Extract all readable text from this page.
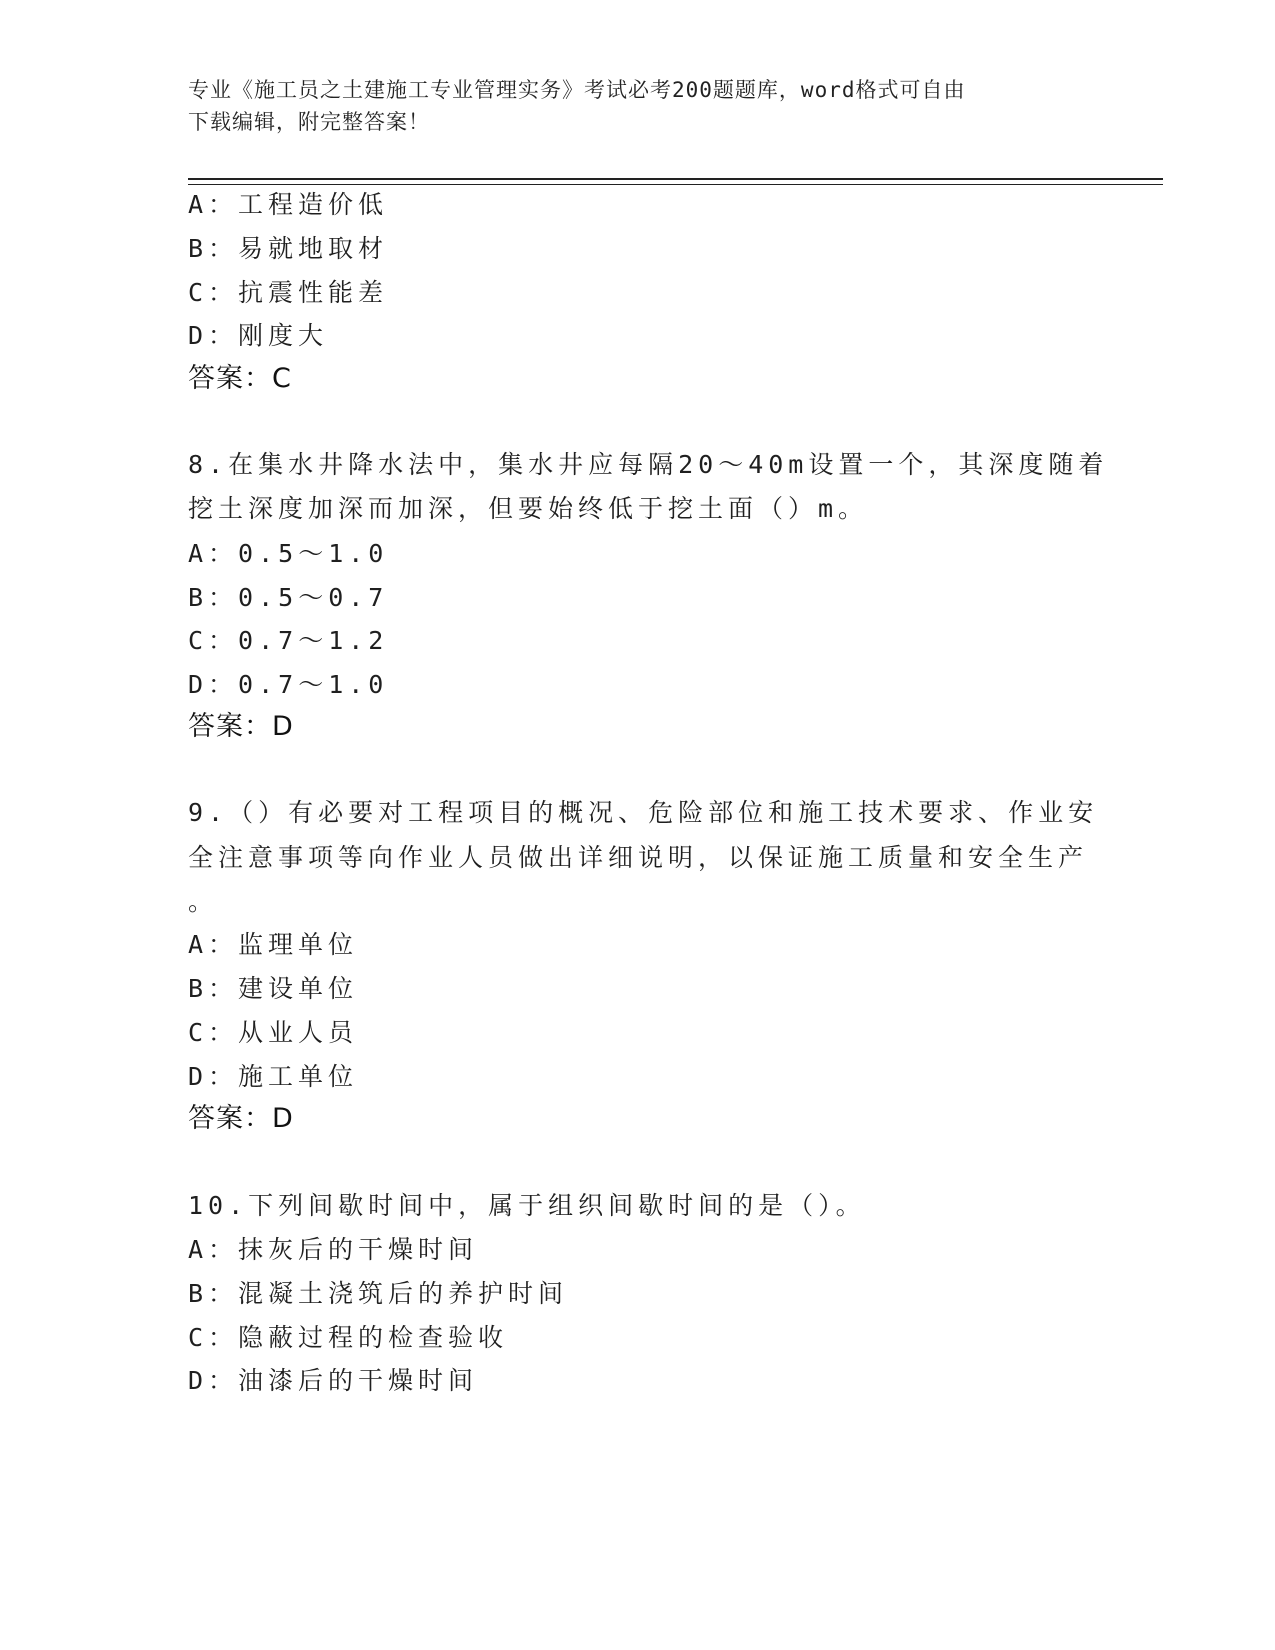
专业《施工员之土建施工专业管理实务》考试必考200题题库，word格式可自由
下载编辑，附完整答案！
A：工程造价低
B：易就地取材
C：抗震性能差
D：刚度大
答案：C
8.在集水井降水法中，集水井应每隔20～40m设置一个，其深度随着
挖土深度加深而加深，但要始终低于挖土面（）m。
A：0.5～1.0
B：0.5～0.7
C：0.7～1.2
D：0.7～1.0
答案：D
9.（）有必要对工程项目的概况、危险部位和施工技术要求、作业安
全注意事项等向作业人员做出详细说明，以保证施工质量和安全生产
。
A：监理单位
B：建设单位
C：从业人员
D：施工单位
答案：D
10.下列间歇时间中，属于组织间歇时间的是（）。
A：抹灰后的干燥时间
B：混凝土浇筑后的养护时间
C：隐蔽过程的检查验收
D：油漆后的干燥时间
